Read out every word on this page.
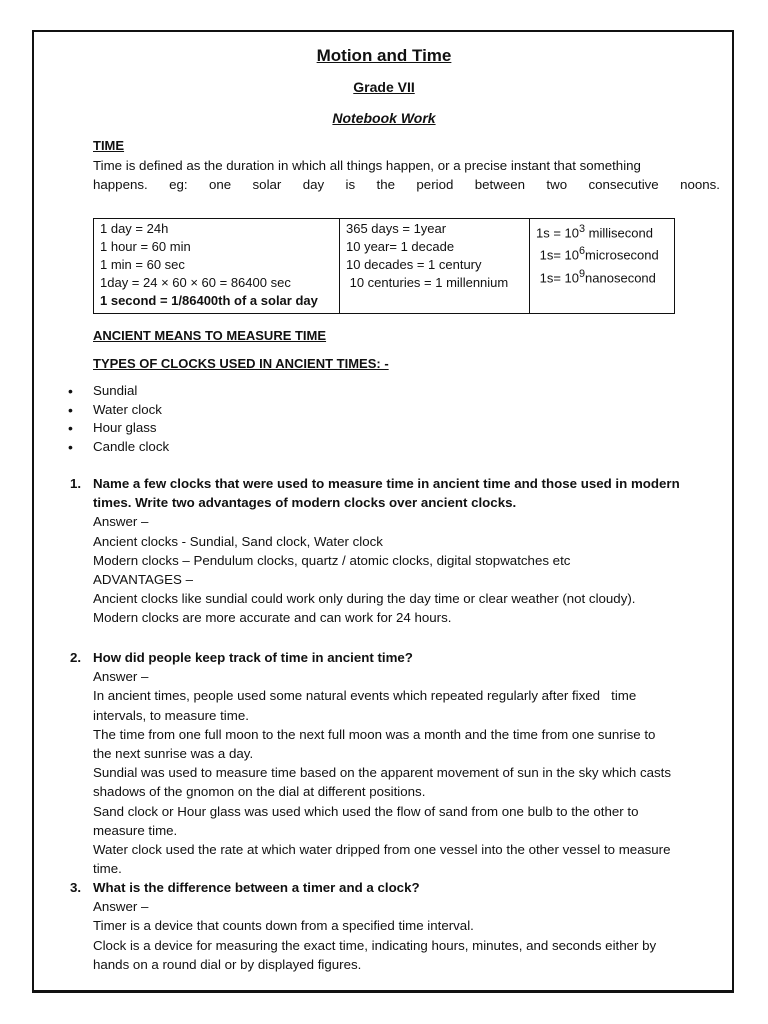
Motion and Time
Grade VII
Notebook Work
TIME
Time is defined as the duration in which all things happen, or a precise instant that something
happens. eg: one solar day is the period between two consecutive noons.
1 day = 24h
1 hour = 60 min
1 min = 60 sec
1day = 24 × 60 × 60 = 86400 sec
1 second = 1/86400th of a solar day

365 days = 1year
10 year= 1 decade
10 decades = 1 century
10 centuries = 1 millennium

$1s = 10^3$ millisecond
$1s= 10^6microsecond$
$1s= 10^9nanosecond$
ANCIENT MEANS TO MEASURE TIME
TYPES OF CLOCKS USED IN ANCIENT TIMES: -
• Sundial
• Water clock
• Hour glass
• Candle clock
1. Name a few clocks that were used to measure time in ancient time and those used in modern
times. Write two advantages of modern clocks over ancient clocks.
Answer –
Ancient clocks - Sundial, Sand clock, Water clock
Modern clocks – Pendulum clocks, quartz / atomic clocks, digital stopwatches etc
ADVANTAGES –
Ancient clocks like sundial could work only during the day time or clear weather (not cloudy).
Modern clocks are more accurate and can work for 24 hours.
2. How did people keep track of time in ancient time?
Answer –
In ancient times, people used some natural events which repeated regularly after fixed   time
intervals, to measure time.
The time from one full moon to the next full moon was a month and the time from one sunrise to
the next sunrise was a day.
Sundial was used to measure time based on the apparent movement of sun in the sky which casts
shadows of the gnomon on the dial at different positions.
Sand clock or Hour glass was used which used the flow of sand from one bulb to the other to
measure time.
Water clock used the rate at which water dripped from one vessel into the other vessel to measure
time.
3. What is the difference between a timer and a clock?
Answer –
Timer is a device that counts down from a specified time interval.
Clock is a device for measuring the exact time, indicating hours, minutes, and seconds either by
hands on a round dial or by displayed figures.
